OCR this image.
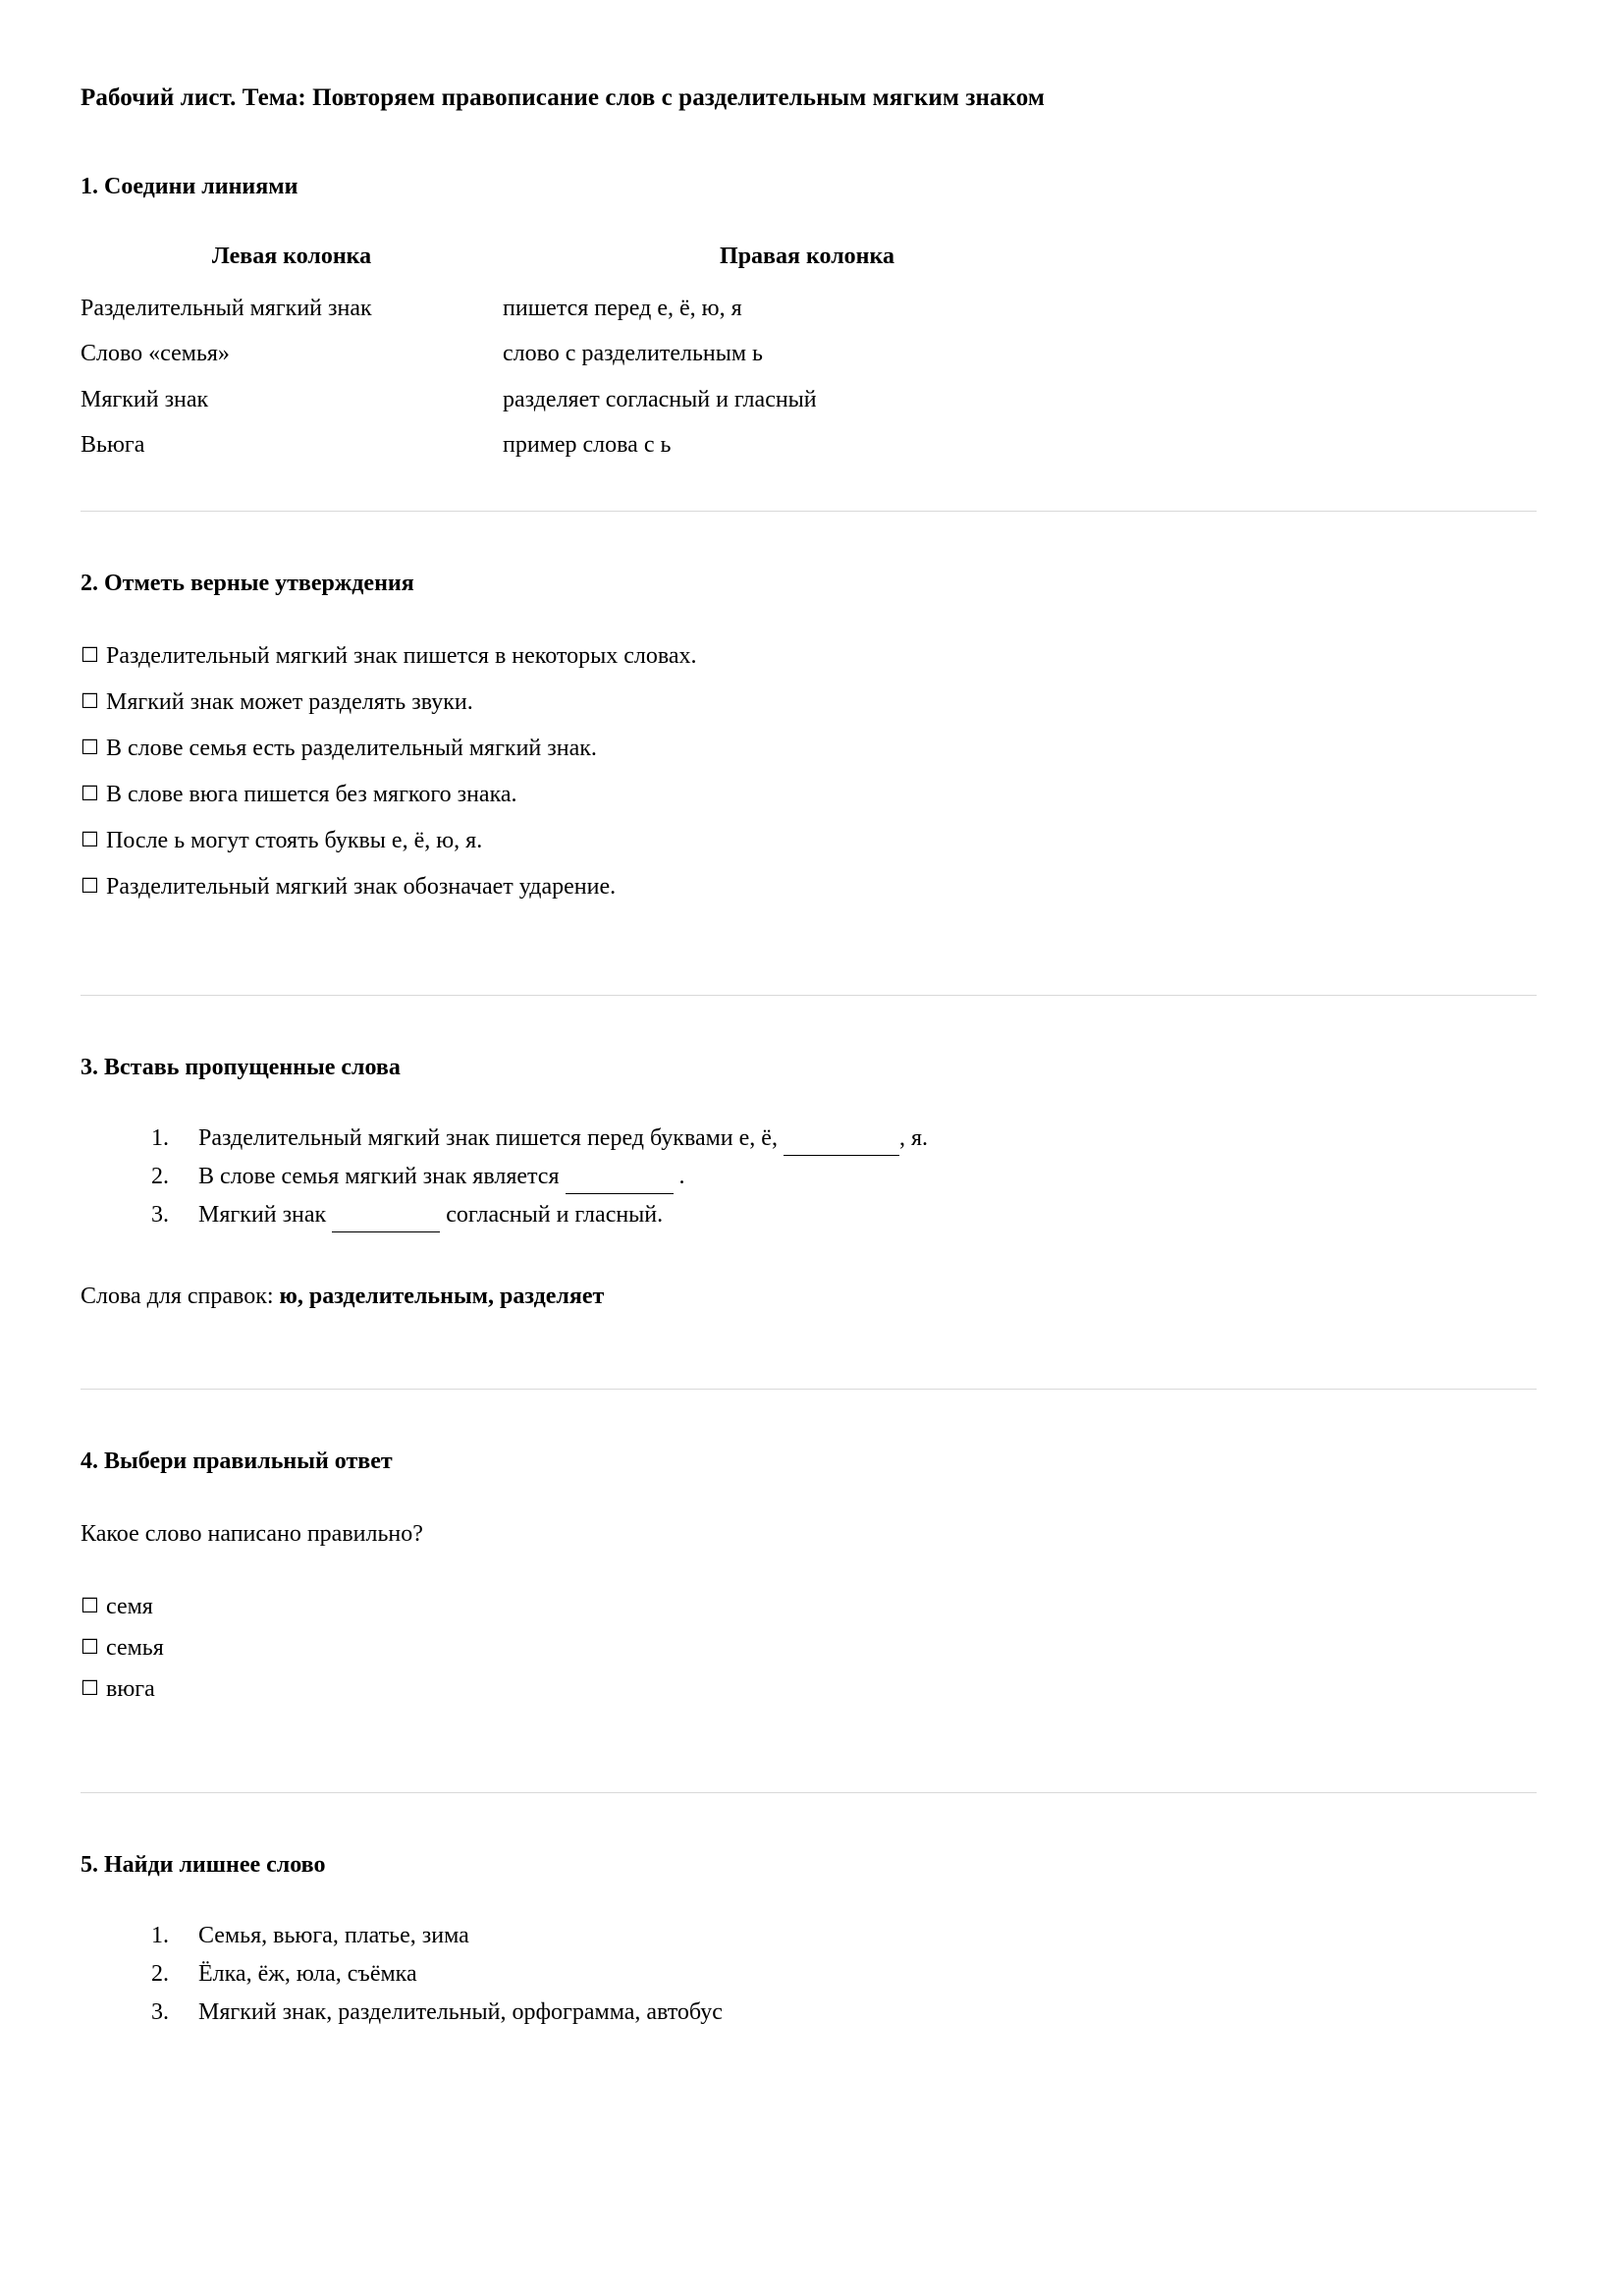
Рабочий лист. Тема: Повторяем правописание слов с разделительным мягким знаком
1. Соедини линиями
Левая колонка	Правая колонка
Разделительный мягкий знак	пишется перед е, ё, ю, я
Слово «семья»	слово с разделительным ь
Мягкий знак	разделяет согласный и гласный
Вьюга	пример слова с ь
2. Отметь верные утверждения
☐ Разделительный мягкий знак пишется в некоторых словах.
☐ Мягкий знак может разделять звуки.
☐ В слове семья есть разделительный мягкий знак.
☐ В слове вюга пишется без мягкого знака.
☐ После ь могут стоять буквы е, ё, ю, я.
☐ Разделительный мягкий знак обозначает ударение.
3. Вставь пропущенные слова
1. Разделительный мягкий знак пишется перед буквами е, ё,	, я.
2. В слове семья мягкий знак является	.
3. Мягкий знак	согласный и гласный.

Слова для справок: ю, разделительным, разделяет

4. Выбери правильный ответ

Какое слово написано правильно?

☐ семя
☐ семья
☐ вюга
5. Найди лишнее слово
1. Семья, вьюга, платье, зима
2. Ёлка, ёж, юла, съёмка
3. Мягкий знак, разделительный, орфограмма, автобус
